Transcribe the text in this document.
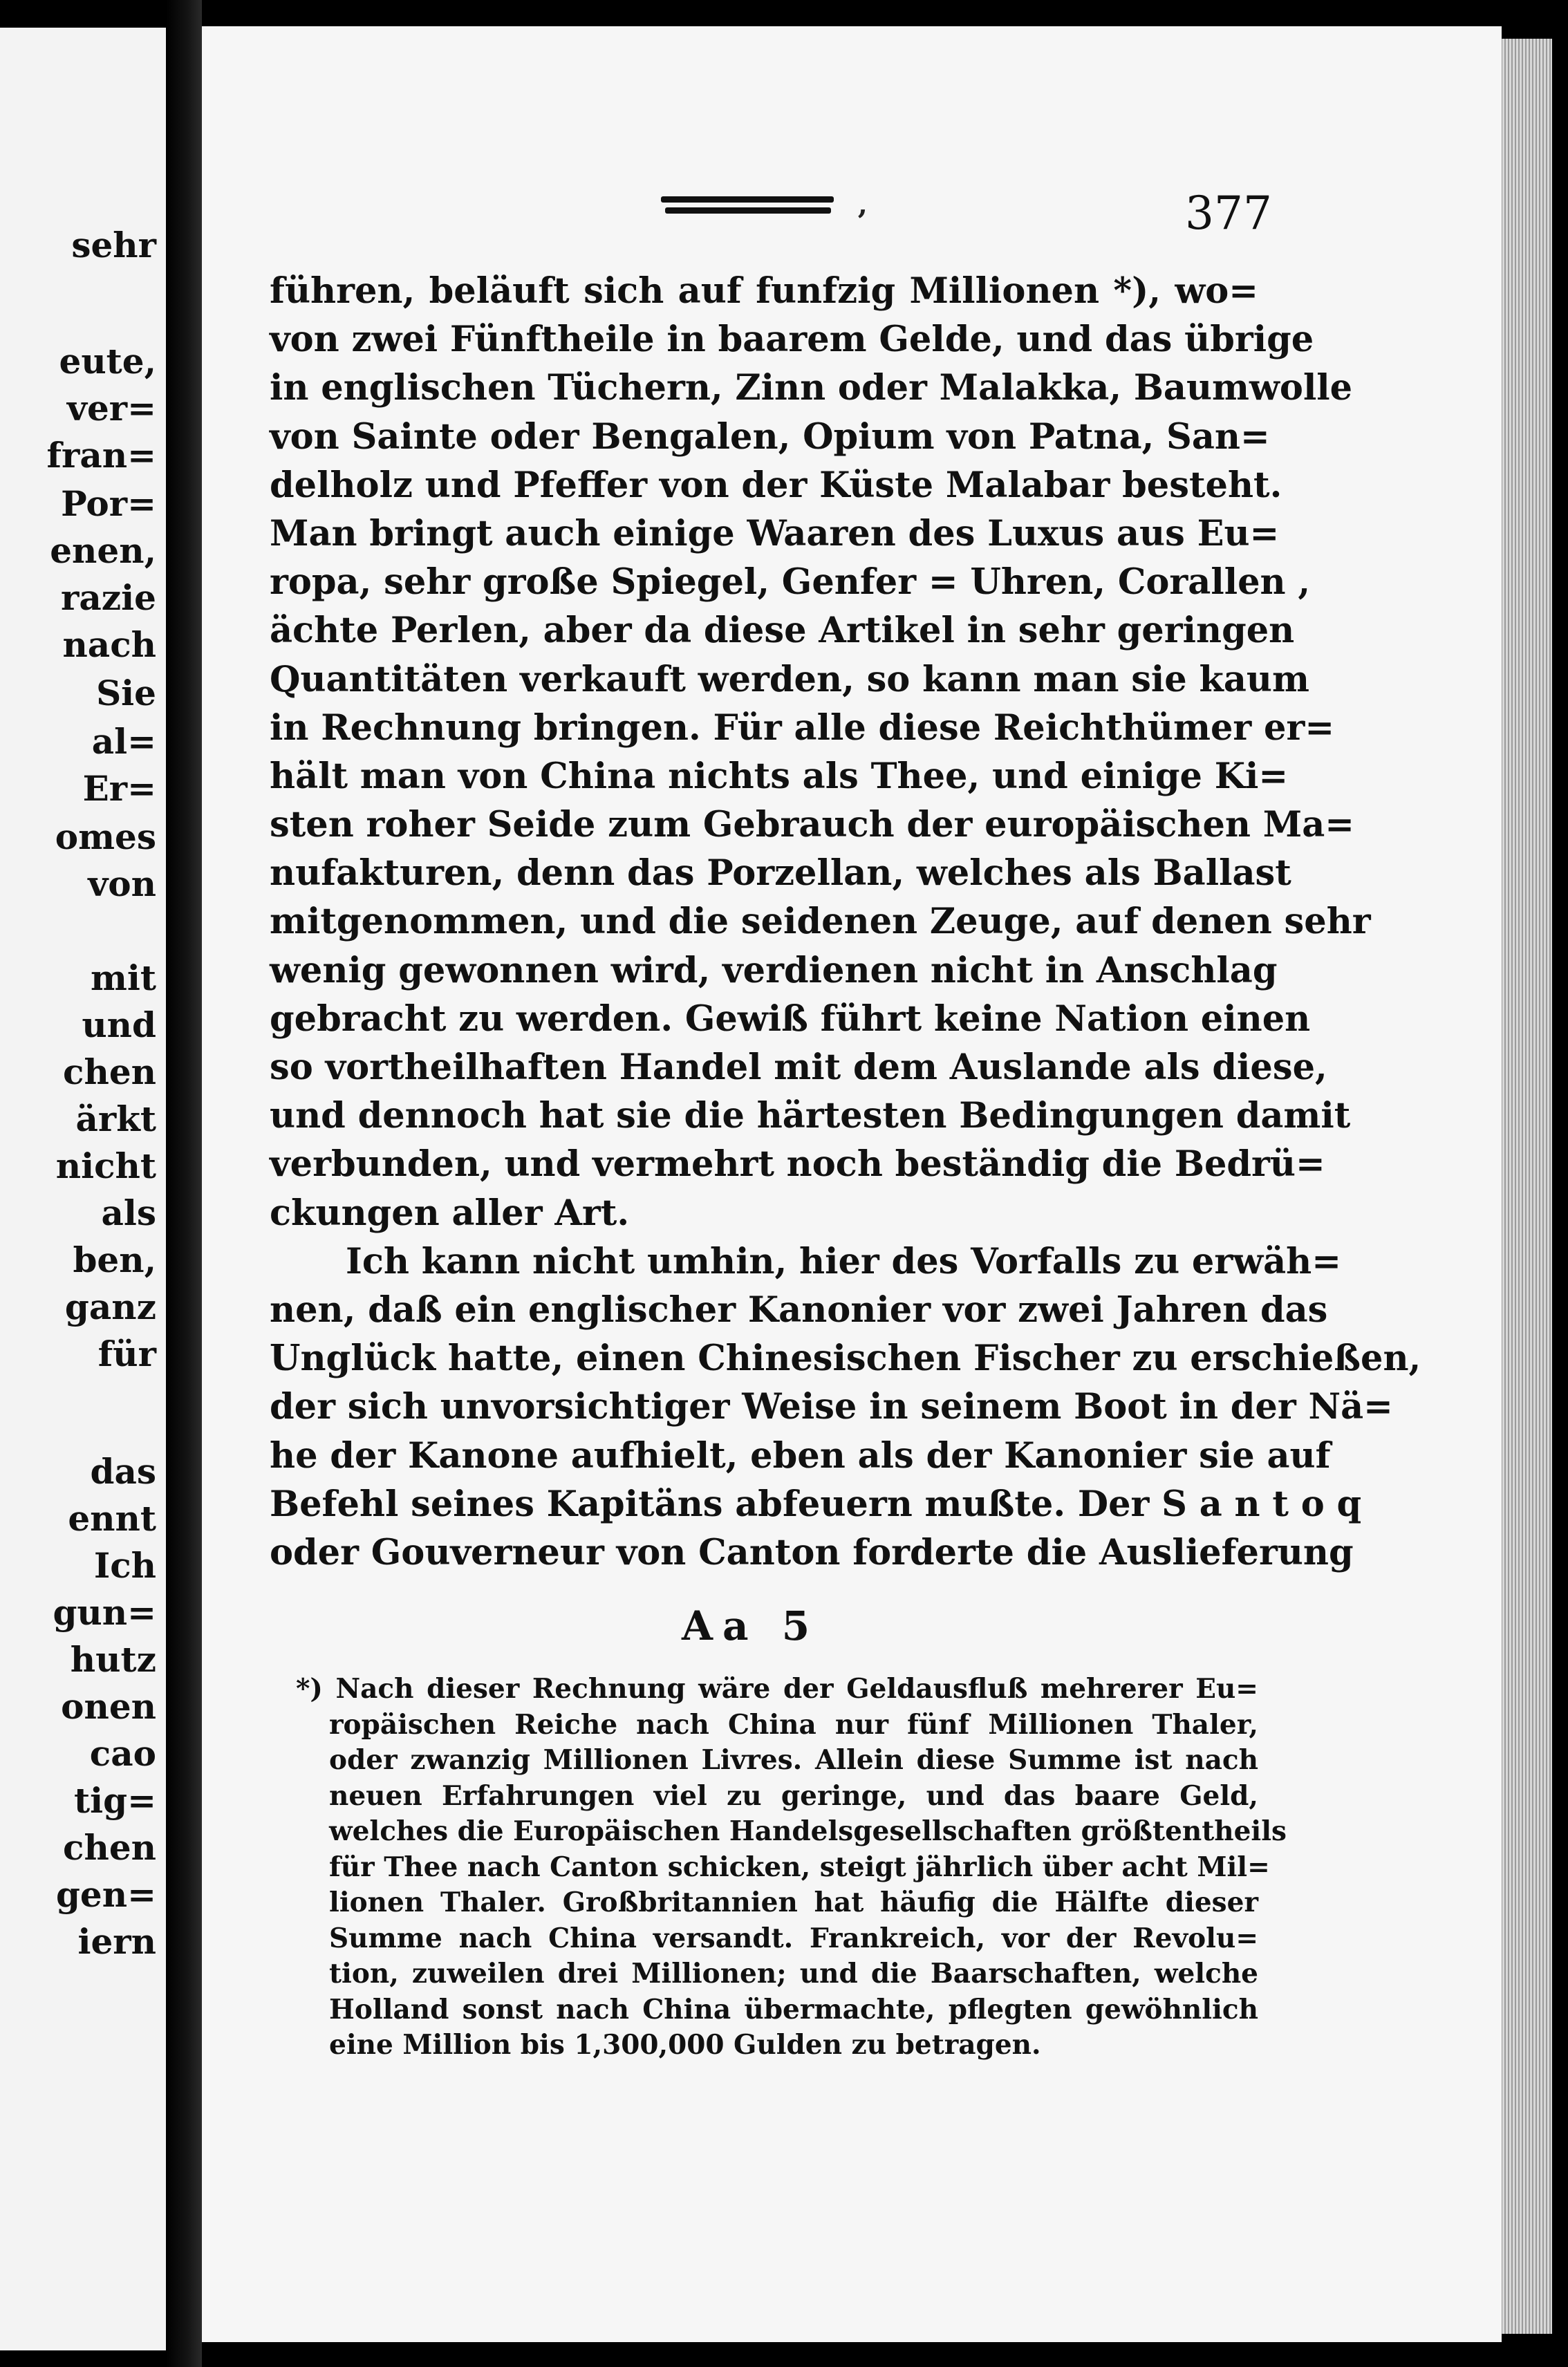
sehr
eute,
ver=
fran=
Por=
enen,
razie
nach
Sie
al=
Er=
omes
von
mit
und
chen
ärkt
nicht
als
ben,
ganz
für
das
ennt
Ich
gun=
hutz
onen
cao
tig=
chen
gen=
iern
‚	377
führen, beläuft sich auf funfzig Millionen *), wo=
von zwei Fünftheile in baarem Gelde, und das übrige
in englischen Tüchern, Zinn oder Malakka, Baumwolle
von Sainte oder Bengalen, Opium von Patna, San=
delholz und Pfeffer von der Küste Malabar besteht.
Man bringt auch einige Waaren des Luxus aus Eu=
ropa, sehr große Spiegel, Genfer = Uhren, Corallen ,
ächte Perlen, aber da diese Artikel in sehr geringen
Quantitäten verkauft werden, so kann man sie kaum
in Rechnung bringen. Für alle diese Reichthümer er=
hält man von China nichts als Thee, und einige Ki=
sten roher Seide zum Gebrauch der europäischen Ma=
nufakturen, denn das Porzellan, welches als Ballast
mitgenommen, und die seidenen Zeuge, auf denen sehr
wenig gewonnen wird, verdienen nicht in Anschlag
gebracht zu werden. Gewiß führt keine Nation einen
so vortheilhaften Handel mit dem Auslande als diese,
und dennoch hat sie die härtesten Bedingungen damit
verbunden, und vermehrt noch beständig die Bedrü=
ckungen aller Art.
Ich kann nicht umhin, hier des Vorfalls zu erwäh=
nen, daß ein englischer Kanonier vor zwei Jahren das
Unglück hatte, einen Chinesischen Fischer zu erschießen,
der sich unvorsichtiger Weise in seinem Boot in der Nä=
he der Kanone aufhielt, eben als der Kanonier sie auf
Befehl seines Kapitäns abfeuern mußte. Der S a n t o q
oder Gouverneur von Canton forderte die Auslieferung
Aa 5
*) Nach dieser Rechnung wäre der Geldausfluß mehrerer Eu=
ropäischen Reiche nach China nur fünf Millionen Thaler,
oder zwanzig Millionen Livres. Allein diese Summe ist nach
neuen Erfahrungen viel zu geringe, und das baare Geld,
welches die Europäischen Handelsgesellschaften größtentheils
für Thee nach Canton schicken, steigt jährlich über acht Mil=
lionen Thaler. Großbritannien hat häufig die Hälfte dieser
Summe nach China versandt. Frankreich, vor der Revolu=
tion, zuweilen drei Millionen; und die Baarschaften, welche
Holland sonst nach China übermachte, pflegten gewöhnlich
eine Million bis 1,300,000 Gulden zu betragen.
